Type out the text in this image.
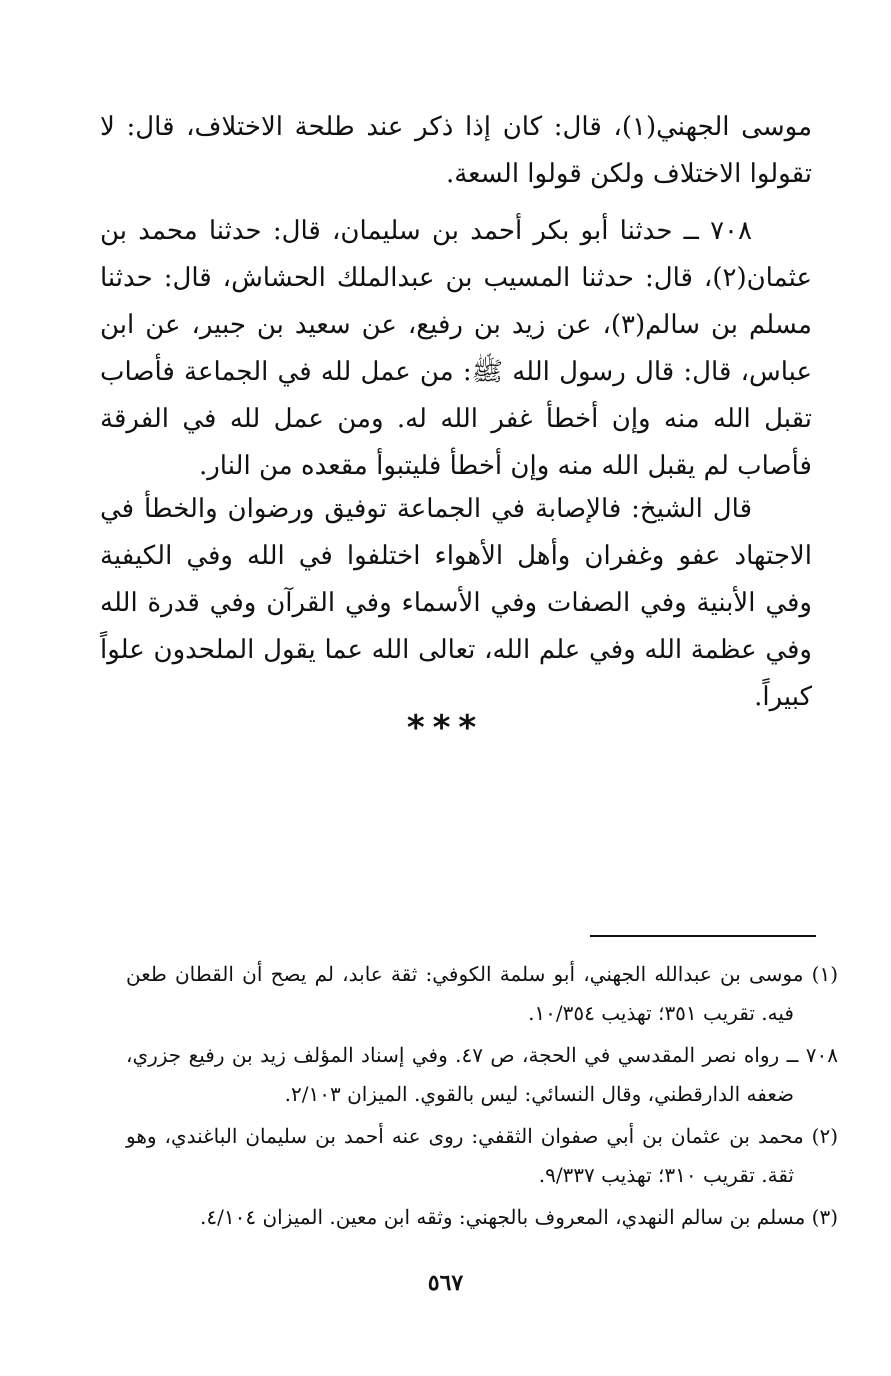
موسى الجهني(١)، قال: كان إذا ذكر عند طلحة الاختلاف، قال: لا تقولوا الاختلاف ولكن قولوا السعة.

٧٠٨ ــ حدثنا أبو بكر أحمد بن سليمان، قال: حدثنا محمد بن عثمان(٢)، قال: حدثنا المسيب بن عبدالملك الحشاش، قال: حدثنا مسلم بن سالم(٣)، عن زيد بن رفيع، عن سعيد بن جبير، عن ابن عباس، قال: قال رسول الله ﷺ: من عمل لله في الجماعة فأصاب تقبل الله منه وإن أخطأ غفر الله له. ومن عمل لله في الفرقة فأصاب لم يقبل الله منه وإن أخطأ فليتبوأ مقعده من النار.

قال الشيخ: فالإصابة في الجماعة توفيق ورضوان والخطأ في الاجتهاد عفو وغفران وأهل الأهواء اختلفوا في الله وفي الكيفية وفي الأبنية وفي الصفات وفي الأسماء وفي القرآن وفي قدرة الله وفي عظمة الله وفي علم الله، تعالى الله عما يقول الملحدون علواً كبيراً.

***

(١) موسى بن عبدالله الجهني، أبو سلمة الكوفي: ثقة عابد، لم يصح أن القطان طعن فيه. تقريب ٣٥١؛ تهذيب ١٠/٣٥٤.

٧٠٨ ــ رواه نصر المقدسي في الحجة، ص ٤٧. وفي إسناد المؤلف زيد بن رفيع جزري، ضعفه الدارقطني، وقال النسائي: ليس بالقوي. الميزان ٢/١٠٣.

(٢) محمد بن عثمان بن أبي صفوان الثقفي: روى عنه أحمد بن سليمان الباغندي، وهو ثقة. تقريب ٣١٠؛ تهذيب ٩/٣٣٧.

(٣) مسلم بن سالم النهدي، المعروف بالجهني: وثقه ابن معين. الميزان ٤/١٠٤.

٥٦٧
